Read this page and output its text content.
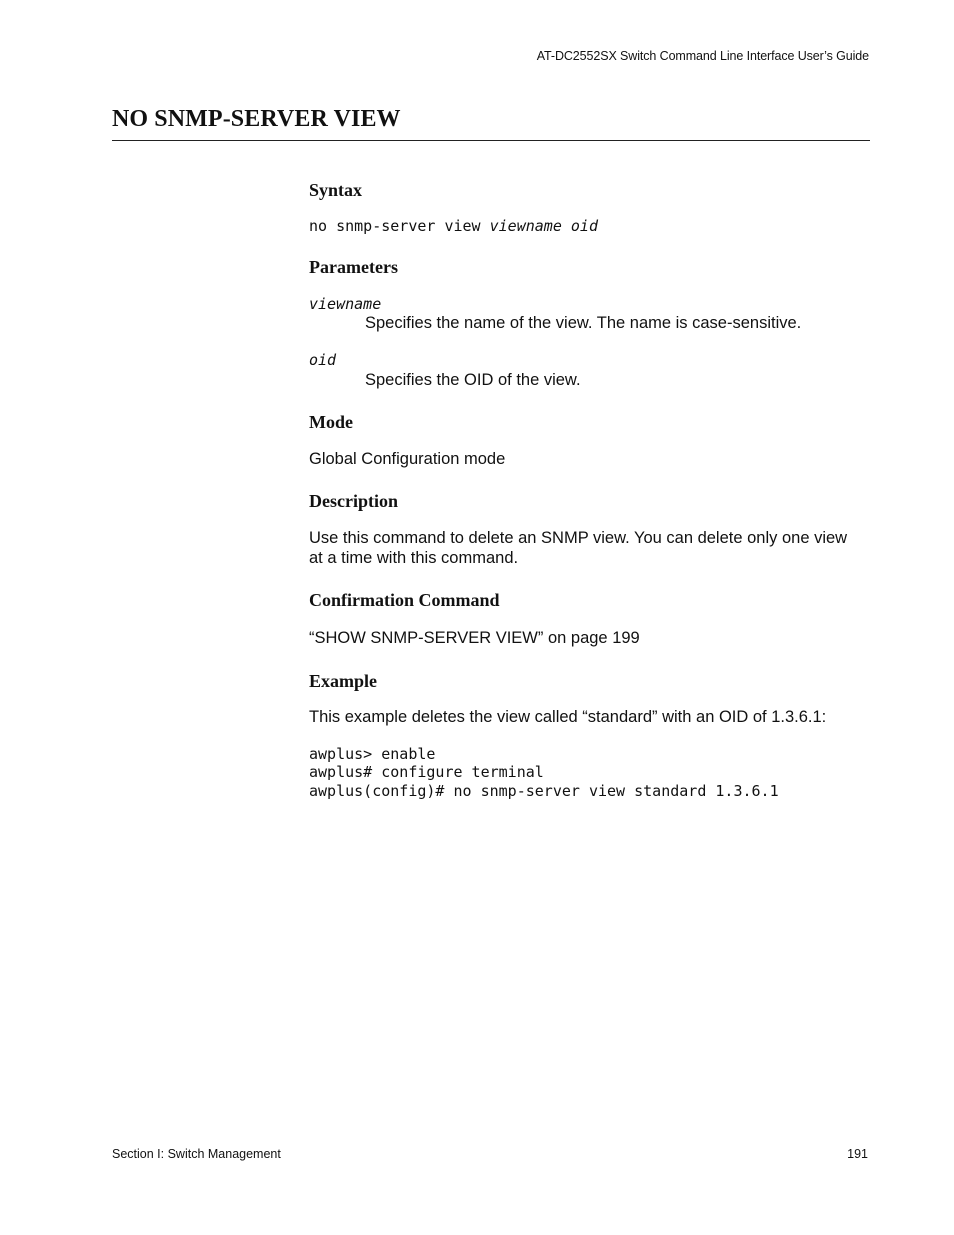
AT-DC2552SX Switch Command Line Interface User’s Guide
NO SNMP-SERVER VIEW
Syntax
no snmp-server view viewname oid
Parameters
viewname

Specifies the name of the view. The name is case-sensitive.

oid

Specifies the OID of the view.

Mode

Global Configuration mode

Description

Use this command to delete an SNMP view. You can delete only one view

at a time with this command.

Confirmation Command

“SHOW SNMP-SERVER VIEW” on page 199

Example

This example deletes the view called “standard” with an OID of 1.3.6.1:

awplus> enable
awplus# configure terminal
awplus(config)# no snmp-server view standard 1.3.6.1
Section I: Switch Management	191
